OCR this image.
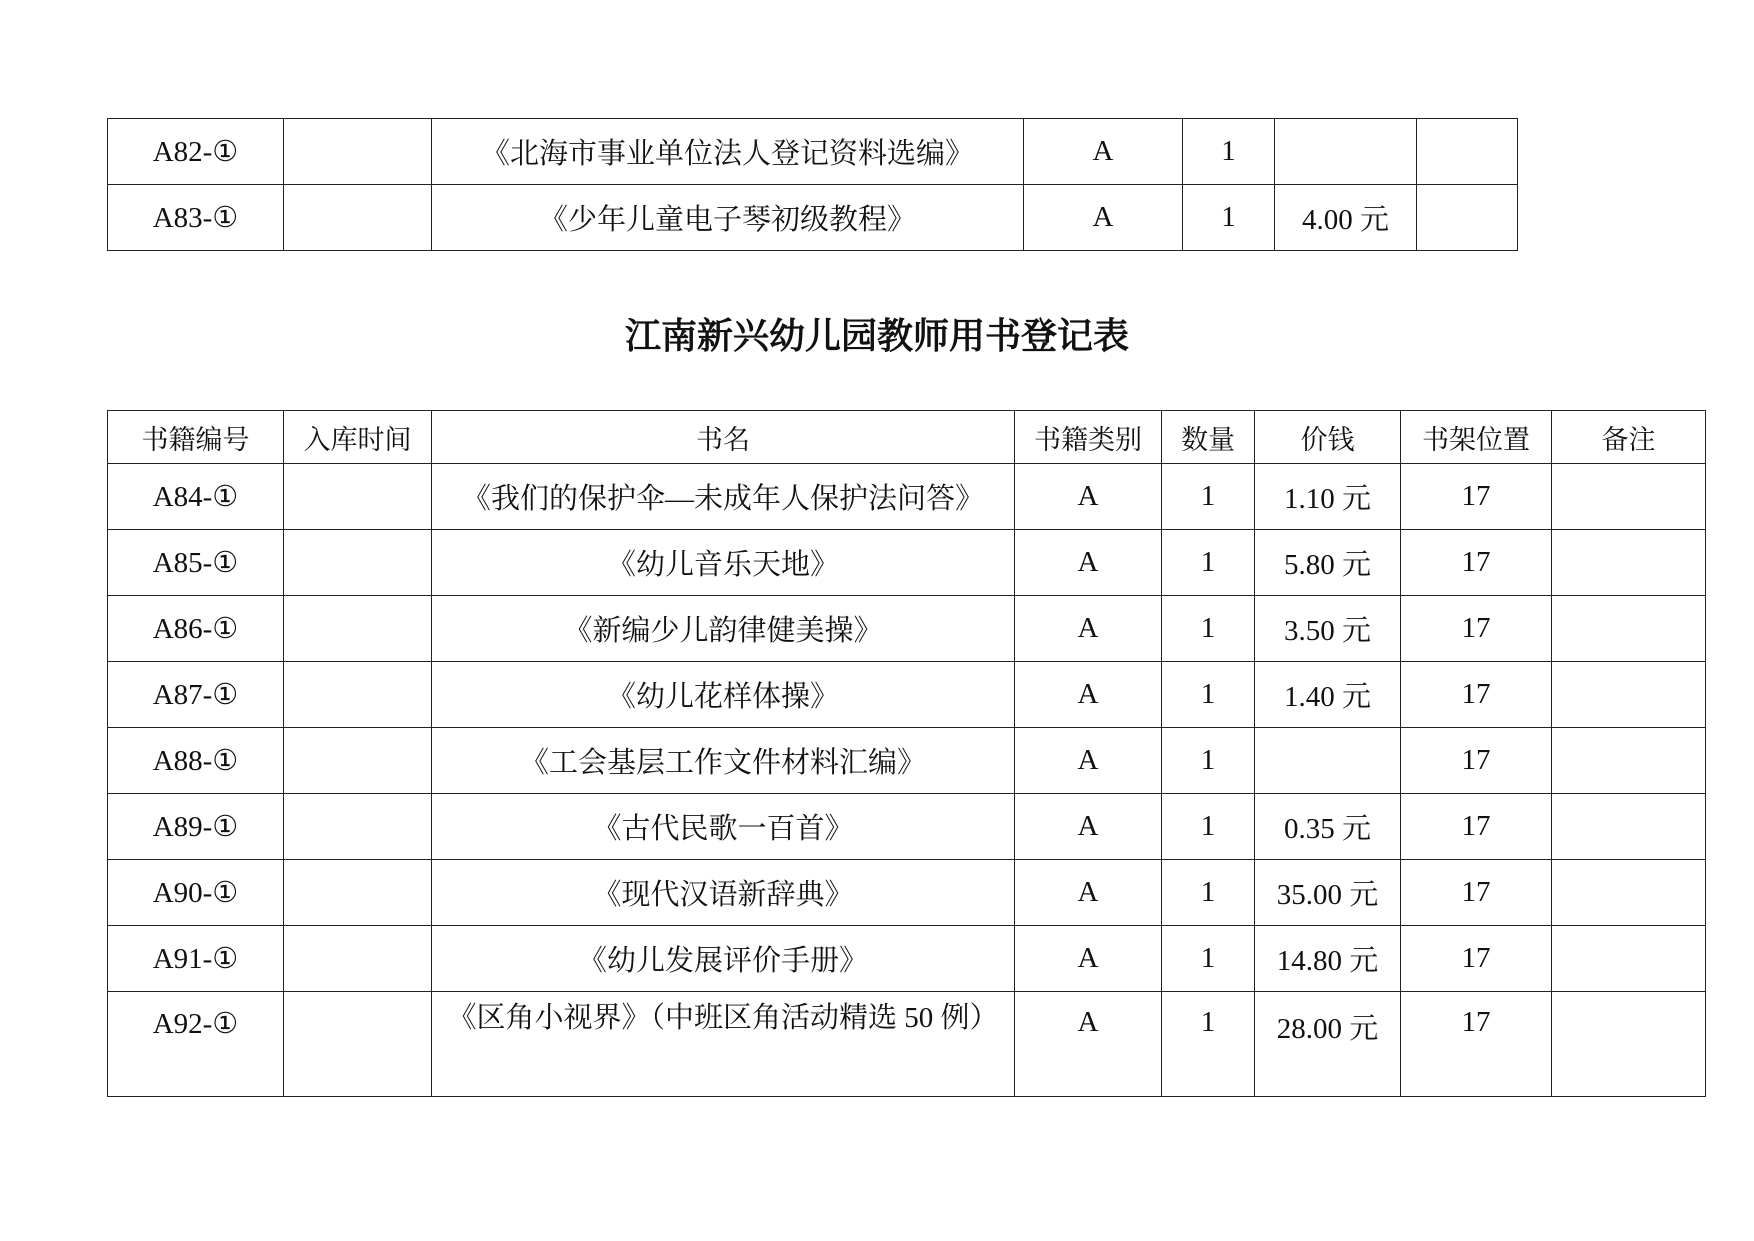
A82-①		《北海市事业单位法人登记资料选编》	A	1		
A83-①		《少年儿童电子琴初级教程》	A	1	4.00 元	
江南新兴幼儿园教师用书登记表
书籍编号	入库时间	书名	书籍类别	数量	价钱	书架位置	备注
A84-①		《我们的保护伞—未成年人保护法问答》	A	1	1.10 元	17	
A85-①		《幼儿音乐天地》	A	1	5.80 元	17	
A86-①		《新编少儿韵律健美操》	A	1	3.50 元	17	
A87-①		《幼儿花样体操》	A	1	1.40 元	17	
A88-①		《工会基层工作文件材料汇编》	A	1		17	
A89-①		《古代民歌一百首》	A	1	0.35 元	17	
A90-①		《现代汉语新辞典》	A	1	35.00 元	17	
A91-①		《幼儿发展评价手册》	A	1	14.80 元	17	
A92-①		《区角小视界》（中班区角活动精选 50 例）	A	1	28.00 元	17	
